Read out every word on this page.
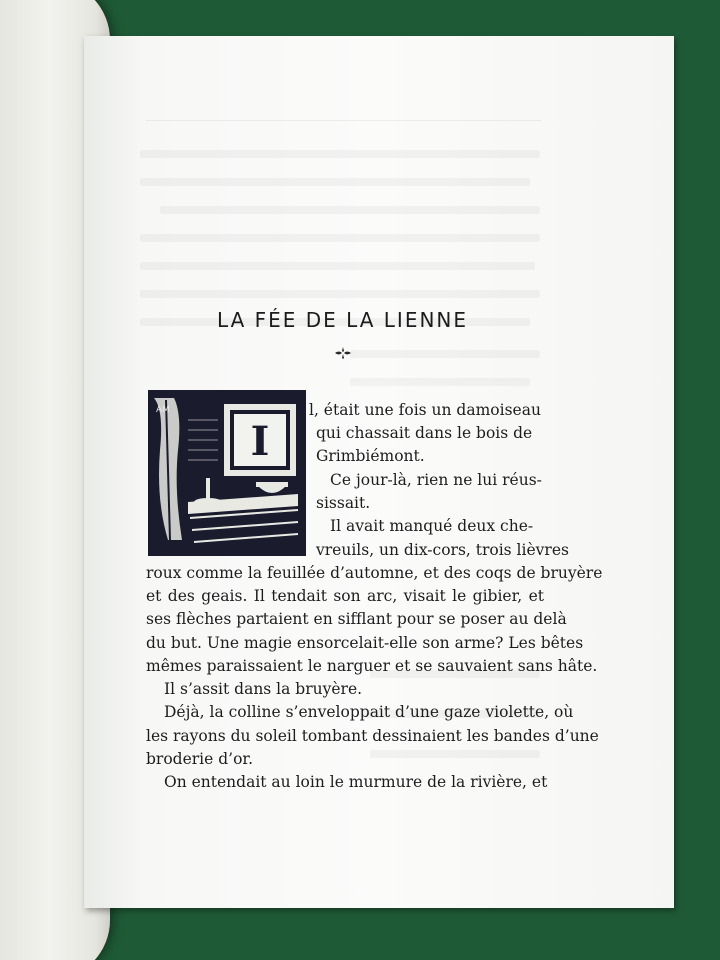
LA FÉE DE LA LIENNE
AM
I
l, était une fois un damoiseau
qui chassait dans le bois de
Grimbiémont.
Ce jour-là, rien ne lui réus-
sissait.
Il avait manqué deux che-
vreuils, un dix-cors, trois lièvres
roux comme la feuillée d’automne, et des coqs de bruyère
et des geais. Il tendait son arc, visait le gibier, et
ses flèches partaient en sifflant pour se poser au delà
du but. Une magie ensorcelait-elle son arme? Les bêtes
mêmes paraissaient le narguer et se sauvaient sans hâte.
Il s’assit dans la bruyère.
Déjà, la colline s’enveloppait d’une gaze violette, où
les rayons du soleil tombant dessinaient les bandes d’une
broderie d’or.
On entendait au loin le murmure de la rivière, et
